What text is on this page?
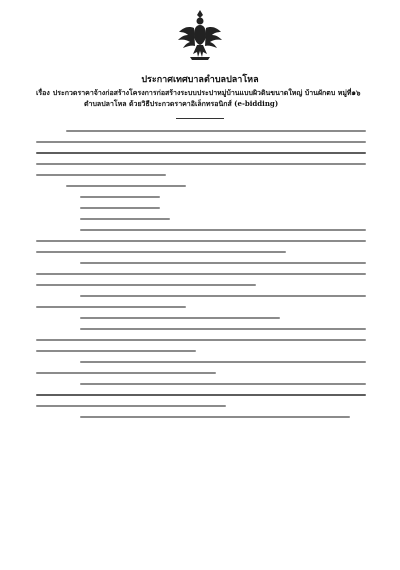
ประกาศเทศบาลตำบลปลาโหล
เรื่อง ประกวดราคาจ้างก่อสร้างโครงการก่อสร้างระบบประปาหมู่บ้านแบบผิวดินขนาดใหญ่ บ้านผักตบ หมู่ที่๑๖
ตำบลปลาโหล ด้วยวิธีประกวดราคาอิเล็กทรอนิกส์ (e-bidding)
